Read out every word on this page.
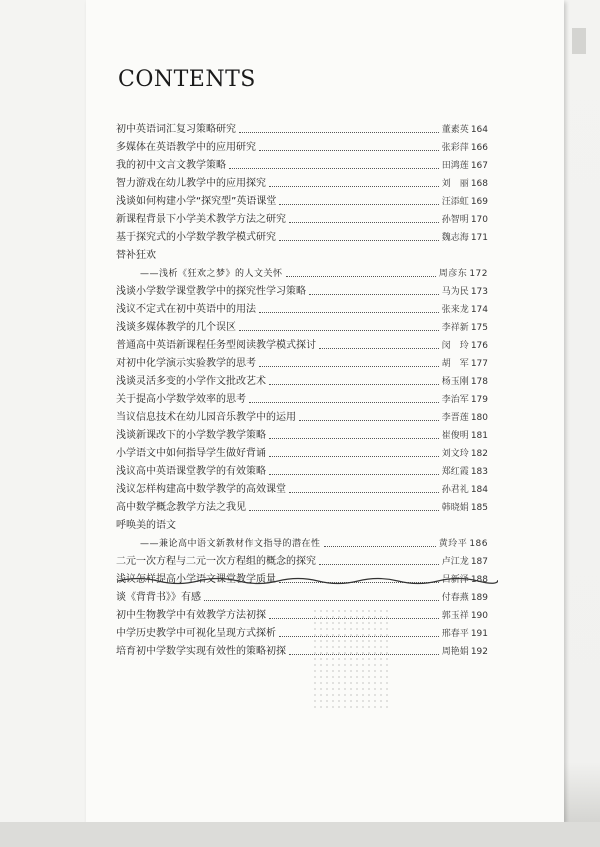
CONTENTS
初中英语词汇复习策略研究	董素英 164
多媒体在英语教学中的应用研究	张彩萍 166
我的初中文言文教学策略	田鸿莲 167
智力游戏在幼儿教学中的应用探究	刘　丽 168
浅谈如何构建小学“探究型”英语课堂	汪添虹 169
新课程背景下小学美术教学方法之研究	孙智明 170
基于探究式的小学数学教学模式研究	魏志海 171
替补狂欢
——浅析《狂欢之梦》的人文关怀	周彦东 172
浅谈小学数学课堂教学中的探究性学习策略	马为民 173
浅议不定式在初中英语中的用法	张来龙 174
浅谈多媒体教学的几个误区	李祥新 175
普通高中英语新课程任务型阅读教学模式探讨	闵　玲 176
对初中化学演示实验教学的思考	胡　军 177
浅谈灵活多变的小学作文批改艺术	杨玉刚 178
关于提高小学数学效率的思考	李治军 179
当议信息技术在幼儿园音乐教学中的运用	李晋莲 180
浅谈新课改下的小学数学教学策略	崔俊明 181
小学语文中如何指导学生做好背诵	刘文玲 182
浅议高中英语课堂教学的有效策略	郑红霞 183
浅议怎样构建高中数学教学的高效课堂	孙君礼 184
高中数学概念教学方法之我见	韩晓娟 185
呼唤美的语文
——兼论高中语文新教材作文指导的潜在性	黄玲平 186
二元一次方程与二元一次方程组的概念的探究	卢江龙 187
浅议怎样提高小学语文课堂教学质量	吕新泽 188
谈《背背书》》有感	付春燕 189
初中生物教学中有效教学方法初探	郭玉祥 190
中学历史教学中可视化呈现方式探析	邢春平 191
培育初中学数学实现有效性的策略初探	周艳娟 192
